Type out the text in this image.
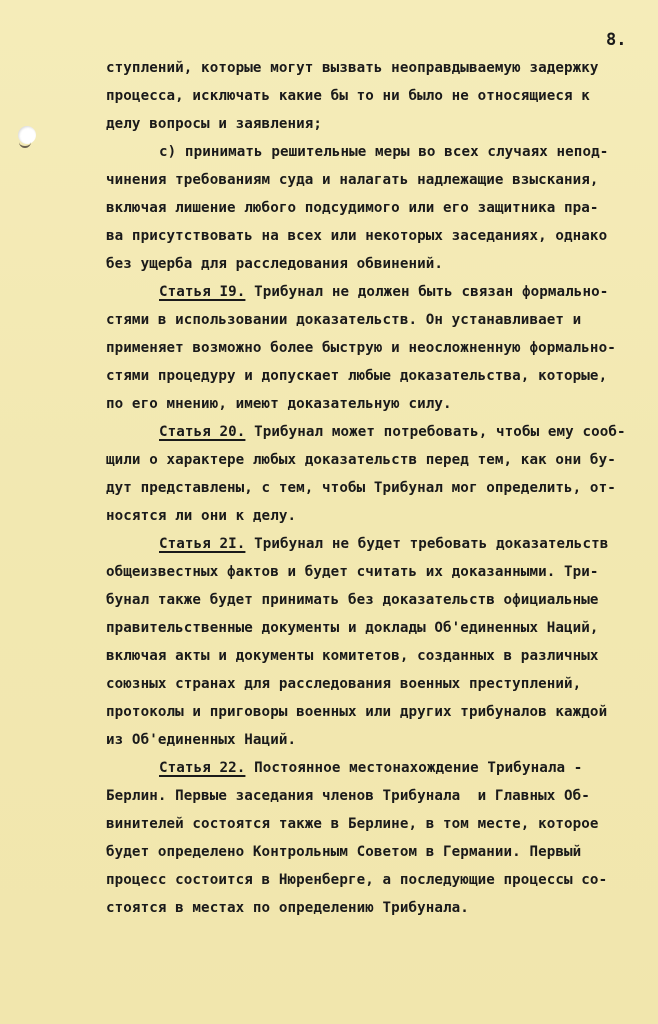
8.
ступлений, которые могут вызвать неоправдываемую задержку
процесса, исключать какие бы то ни было не относящиеся к
делу вопросы и заявления;
с) принимать решительные меры во всех случаях непод-
чинения требованиям суда и налагать надлежащие взыскания,
включая лишение любого подсудимого или его защитника пра-
ва присутствовать на всех или некоторых заседаниях, однако
без ущерба для расследования обвинений.
Статья I9. Трибунал не должен быть связан формально-
стями в использовании доказательств. Он устанавливает и
применяет возможно более быструю и неосложненную формально-
стями процедуру и допускает любые доказательства, которые,
по его мнению, имеют доказательную силу.
Статья 20. Трибунал может потребовать, чтобы ему сооб-
щили о характере любых доказательств перед тем, как они бу-
дут представлены, с тем, чтобы Трибунал мог определить, от-
носятся ли они к делу.
Статья 2I. Трибунал не будет требовать доказательств
общеизвестных фактов и будет считать их доказанными. Три-
бунал также будет принимать без доказательств официальные
правительственные документы и доклады Об'единенных Наций,
включая акты и документы комитетов, созданных в различных
союзных странах для расследования военных преступлений,
протоколы и приговоры военных или других трибуналов каждой
из Об'единенных Наций.
Статья 22. Постоянное местонахождение Трибунала -
Берлин. Первые заседания членов Трибунала  и Главных Об-
винителей состоятся также в Берлине, в том месте, которое
будет определено Контрольным Советом в Германии. Первый
процесс состоится в Нюренберге, а последующие процессы со-
стоятся в местах по определению Трибунала.
